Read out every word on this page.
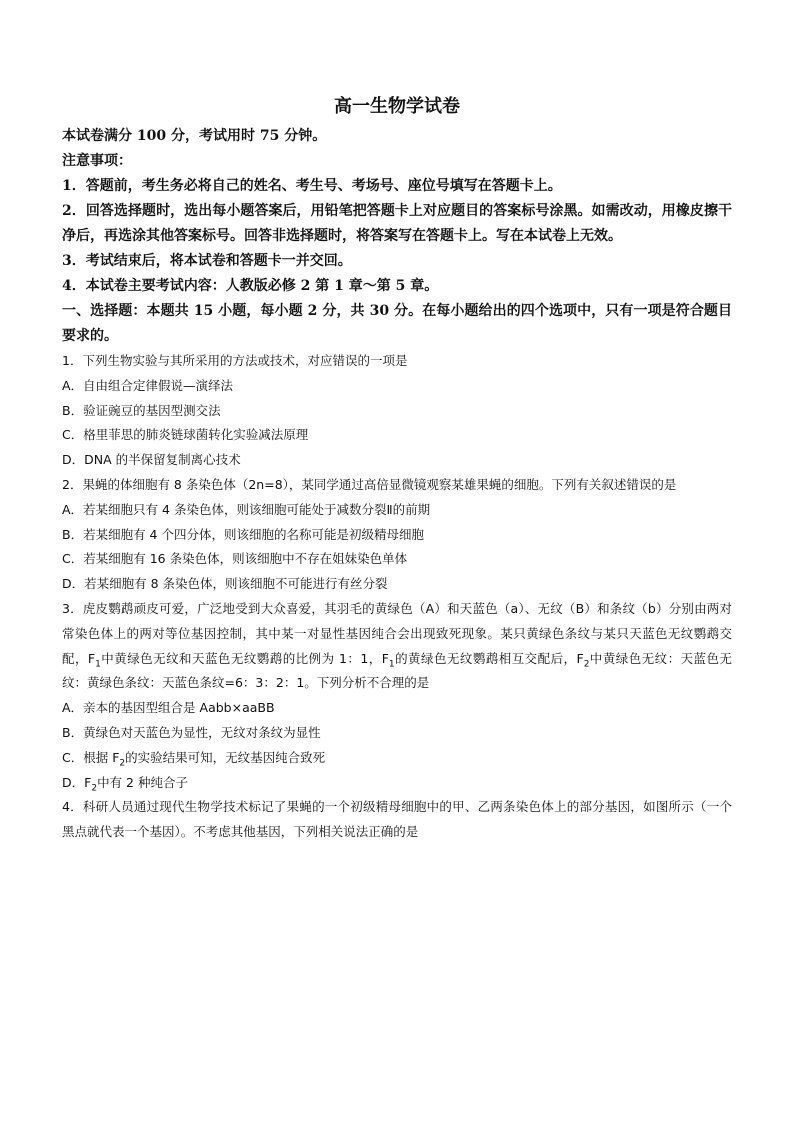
高一生物学试卷

本试卷满分 100 分，考试用时 75 分钟。

注意事项：

1．答题前，考生务必将自己的姓名、考生号、考场号、座位号填写在答题卡上。

2．回答选择题时，选出每小题答案后，用铅笔把答题卡上对应题目的答案标号涂黑。如需改动，用橡皮擦干净后，再选涂其他答案标号。回答非选择题时，将答案写在答题卡上。写在本试卷上无效。

3．考试结束后，将本试卷和答题卡一并交回。

4．本试卷主要考试内容：人教版必修 2 第 1 章～第 5 章。

一、选择题：本题共 15 小题，每小题 2 分，共 30 分。在每小题给出的四个选项中，只有一项是符合题目要求的。

1．下列生物实验与其所采用的方法或技术，对应错误的一项是

A．自由组合定律假说—演绎法

B．验证豌豆的基因型测交法

C．格里菲思的肺炎链球菌转化实验减法原理

D．DNA 的半保留复制离心技术

2．果蝇的体细胞有 8 条染色体（2n=8），某同学通过高倍显微镜观察某雄果蝇的细胞。下列有关叙述错误的是

A．若某细胞只有 4 条染色体，则该细胞可能处于减数分裂Ⅱ的前期

B．若某细胞有 4 个四分体，则该细胞的名称可能是初级精母细胞

C．若某细胞有 16 条染色体，则该细胞中不存在姐妹染色单体

D．若某细胞有 8 条染色体，则该细胞不可能进行有丝分裂

3．虎皮鹦鹉顽皮可爱，广泛地受到大众喜爱，其羽毛的黄绿色（A）和天蓝色（a）、无纹（B）和条纹（b）分别由两对常染色体上的两对等位基因控制，其中某一对显性基因纯合会出现致死现象。某只黄绿色条纹与某只天蓝色无纹鹦鹉交配，$F_1$中黄绿色无纹和天蓝色无纹鹦鹉的比例为 1：1，$F_1$的黄绿色无纹鹦鹉相互交配后，$F_2$中黄绿色无纹：天蓝色无纹：黄绿色条纹：天蓝色条纹=6：3：2：1。下列分析不合理的是

A．亲本的基因型组合是 Aabb×aaBB

B．黄绿色对天蓝色为显性，无纹对条纹为显性

C．根据 $F_2$的实验结果可知，无纹基因纯合致死

D．$F_2$中有 2 种纯合子

4．科研人员通过现代生物学技术标记了果蝇的一个初级精母细胞中的甲、乙两条染色体上的部分基因，如图所示（一个黑点就代表一个基因）。不考虑其他基因，下列相关说法正确的是
